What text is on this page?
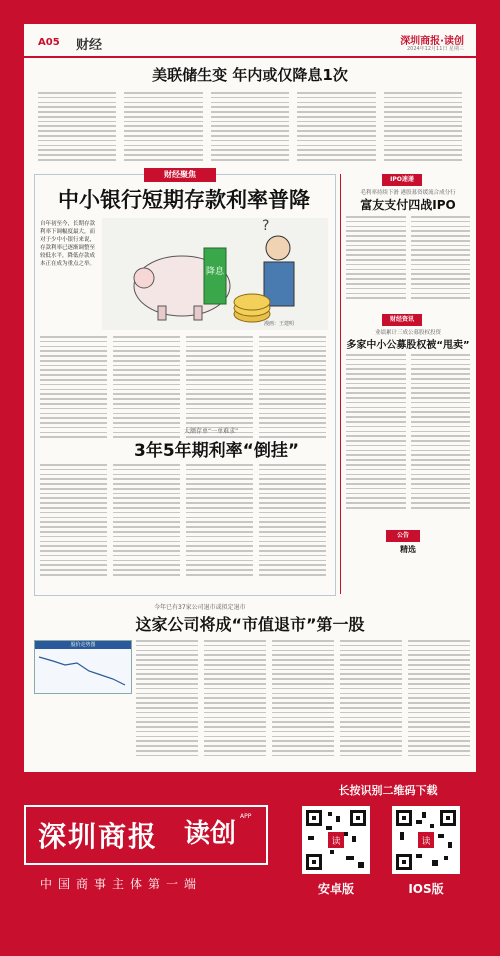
A05 财经	深圳商报·读创
2024年12月11日 星期三
美联储生变 年内或仅降息1次
财经聚焦
中小银行短期存款利率普降
自年初至今，长期存款利率下调幅度最大，而对于少中小银行来说，存款利率已逐渐调整至较低水平，降低存款成本正在成为重点之举。
降息
?
漫画：王建明
大额存单“一单难求”
3年5年期利率“倒挂”
IPO速递
毛利率持续下滑 港股募资缓流合成分行
富友支付四战IPO
财经资讯
业绩累计三成公募股权投资
多家中小公募股权被“甩卖”
今年已有37家公司退市或拟定退市
这家公司将成“市值退市”第一股
股价走势图
公告
精选
深圳商报 读创
APP
中国商事主体第一端
长按识别二维码下载
读
安卓版
读
IOS版
